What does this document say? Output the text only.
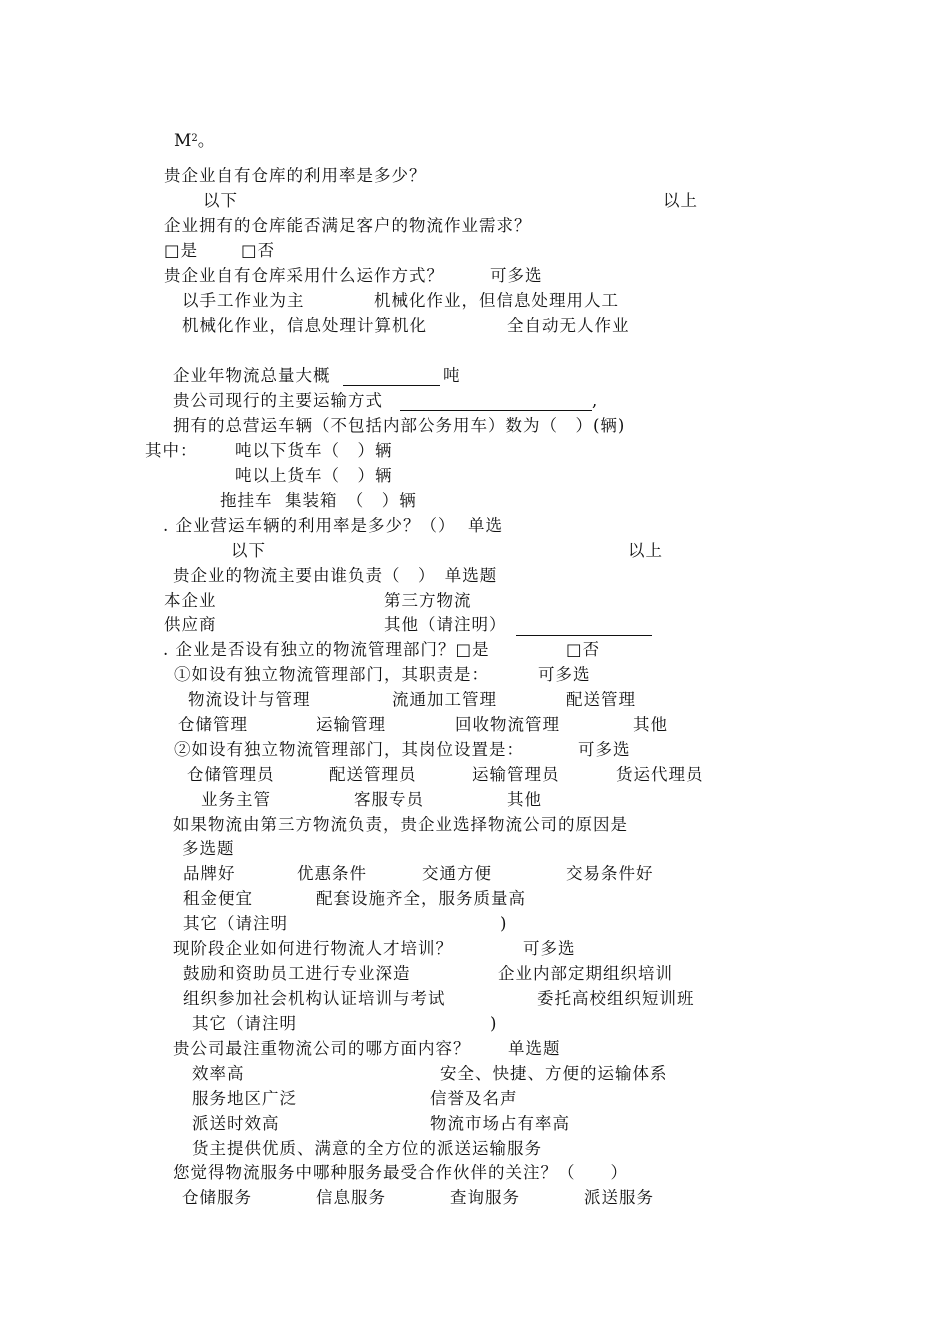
$M^2$。
贵企业自有仓库的利用率是多少？
以下	以上
企业拥有的仓库能否满足客户的物流作业需求？
□是	□否
贵企业自有仓库采用什么运作方式？	可多选
以手工作业为主	机械化作业，但信息处理用人工
机械化作业，信息处理计算机化	全自动无人作业
企业年物流总量大概	吨
贵公司现行的主要运输方式	,
拥有的总营运车辆（不包括内部公务用车）数为（　）(辆)
其中： 吨以下货车（　）辆
吨以上货车（　）辆
拖挂车  集装箱　（　）辆
. 企业营运车辆的利用率是多少？（）  单选
以下	以上
贵企业的物流主要由谁负责（　）　单选题
本企业	第三方物流
供应商	其他（请注明）
. 企业是否设有独立的物流管理部门？□是	□否
①如设有独立物流管理部门，其职责是：	可多选
物流设计与管理	流通加工管理	配送管理
仓储管理	运输管理	回收物流管理	其他
②如设有独立物流管理部门，其岗位设置是：	可多选
仓储管理员	配送管理员	运输管理员	货运代理员
业务主管	客服专员	其他
如果物流由第三方物流负责，贵企业选择物流公司的原因是
多选题
品牌好	优惠条件	交通方便	交易条件好
租金便宜	配套设施齐全，服务质量高
其它（请注明	)
现阶段企业如何进行物流人才培训？	可多选
鼓励和资助员工进行专业深造	企业内部定期组织培训
组织参加社会机构认证培训与考试	委托高校组织短训班
其它（请注明	)
贵公司最注重物流公司的哪方面内容？ 单选题
效率高	安全、快捷、方便的运输体系
服务地区广泛	信誉及名声
派送时效高	物流市场占有率高
货主提供优质、满意的全方位的派送运输服务
您觉得物流服务中哪种服务最受合作伙伴的关注？（　　）
仓储服务	信息服务	查询服务	派送服务
